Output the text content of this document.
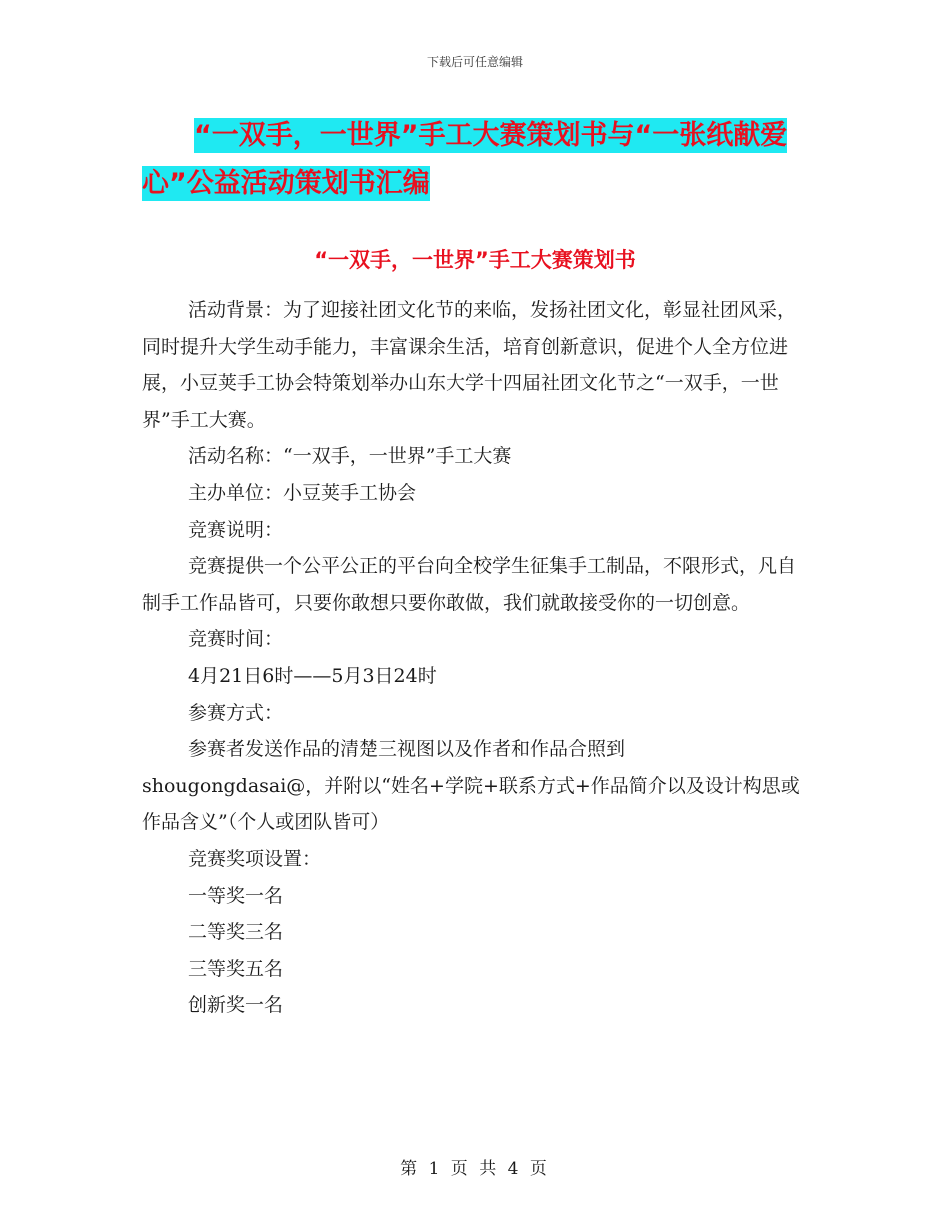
下载后可任意编辑
“一双手，一世界”手工大赛策划书与“一张纸献爱
心”公益活动策划书汇编
“一双手，一世界”手工大赛策划书

活动背景：为了迎接社团文化节的来临，发扬社团文化，彰显社团风采，同时提升大学生动手能力，丰富课余生活，培育创新意识，促进个人全方位进展，小豆荚手工协会特策划举办山东大学十四届社团文化节之“一双手，一世界”手工大赛。

活动名称：“一双手，一世界”手工大赛

主办单位：小豆荚手工协会

竞赛说明：

竞赛提供一个公平公正的平台向全校学生征集手工制品，不限形式，凡自制手工作品皆可，只要你敢想只要你敢做，我们就敢接受你的一切创意。

竞赛时间：

4月21日6时——5月3日24时

参赛方式：

参赛者发送作品的清楚三视图以及作者和作品合照到

shougongdasai@，并附以“姓名+学院+联系方式+作品简介以及设计构思或作品含义”（个人或团队皆可）

竞赛奖项设置：

一等奖一名

二等奖三名

三等奖五名

创新奖一名

第 1 页 共 4 页
